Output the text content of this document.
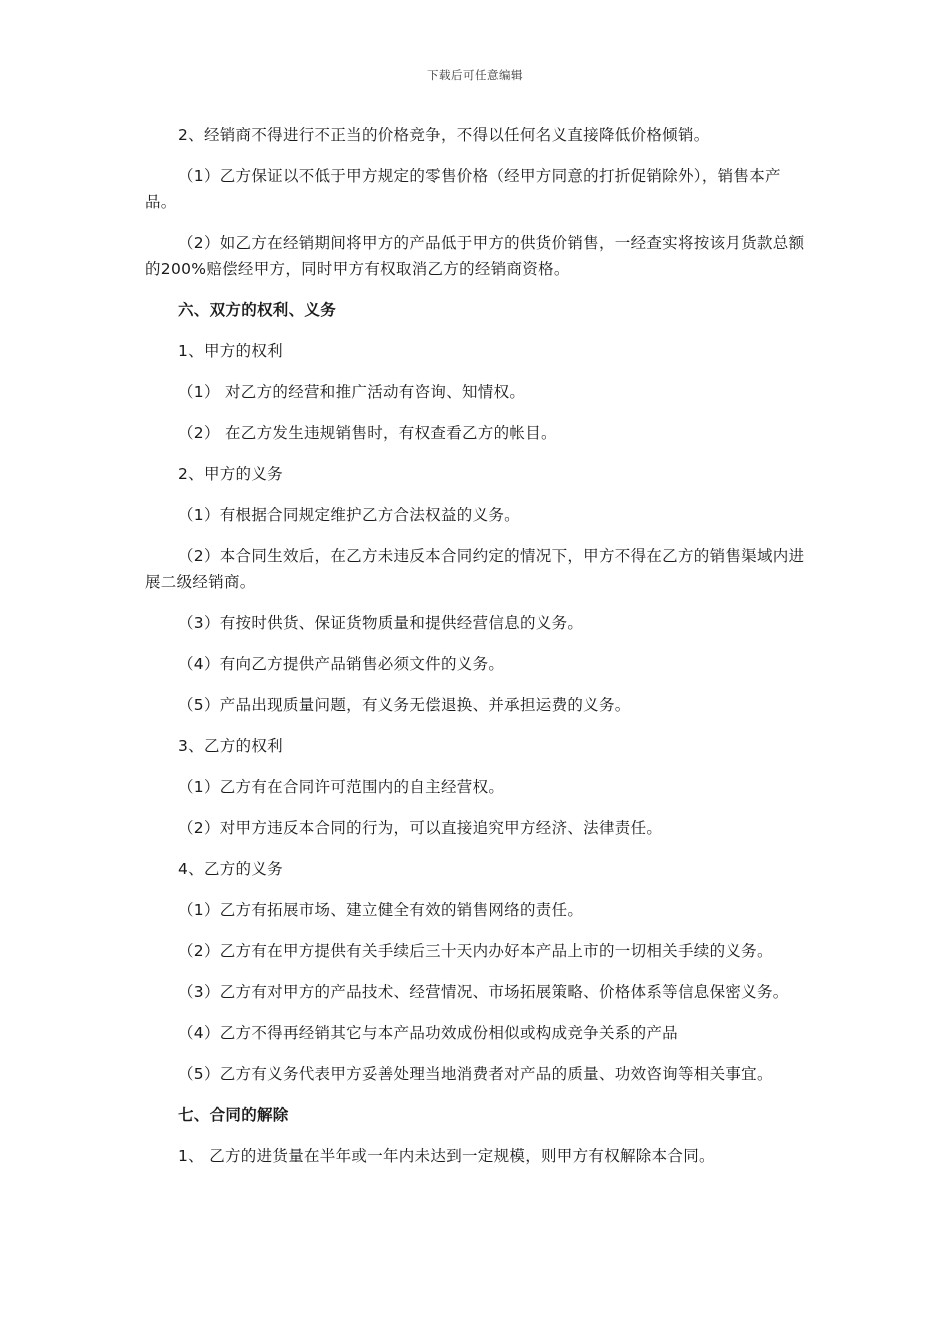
下载后可任意编辑

2、经销商不得进行不正当的价格竞争，不得以任何名义直接降低价格倾销。

（1）乙方保证以不低于甲方规定的零售价格（经甲方同意的打折促销除外），销售本产品。

（2）如乙方在经销期间将甲方的产品低于甲方的供货价销售，一经查实将按该月货款总额的200%赔偿经甲方，同时甲方有权取消乙方的经销商资格。

六、双方的权利、义务

1、甲方的权利

（1） 对乙方的经营和推广活动有咨询、知情权。

（2） 在乙方发生违规销售时，有权查看乙方的帐目。

2、甲方的义务

（1）有根据合同规定维护乙方合法权益的义务。

（2）本合同生效后，在乙方未违反本合同约定的情况下，甲方不得在乙方的销售渠域内进展二级经销商。

（3）有按时供货、保证货物质量和提供经营信息的义务。

（4）有向乙方提供产品销售必须文件的义务。

（5）产品出现质量问题，有义务无偿退换、并承担运费的义务。

3、乙方的权利

（1）乙方有在合同许可范围内的自主经营权。

（2）对甲方违反本合同的行为，可以直接追究甲方经济、法律责任。

4、乙方的义务

（1）乙方有拓展市场、建立健全有效的销售网络的责任。

（2）乙方有在甲方提供有关手续后三十天内办好本产品上市的一切相关手续的义务。

（3）乙方有对甲方的产品技术、经营情况、市场拓展策略、价格体系等信息保密义务。

（4）乙方不得再经销其它与本产品功效成份相似或构成竞争关系的产品

（5）乙方有义务代表甲方妥善处理当地消费者对产品的质量、功效咨询等相关事宜。

七、合同的解除

1、 乙方的进货量在半年或一年内未达到一定规模，则甲方有权解除本合同。
